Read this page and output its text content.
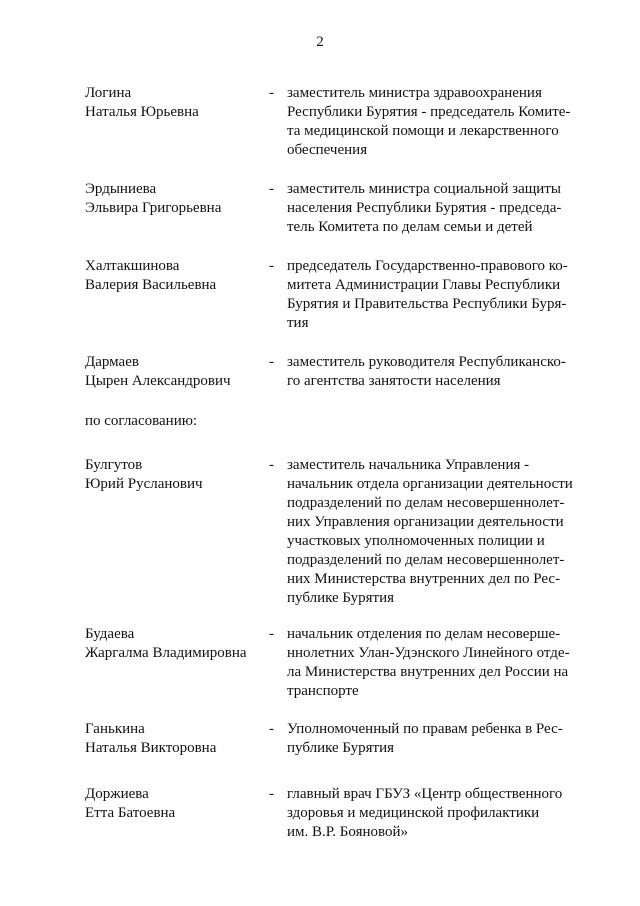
2
Логина
Наталья Юрьевна
- заместитель министра здравоохранения
Республики Бурятия - председатель Комите-
та медицинской помощи и лекарственного
обеспечения
Эрдыниева
Эльвира Григорьевна
- заместитель министра социальной защиты
населения Республики Бурятия - председа-
тель Комитета по делам семьи и детей
Халтакшинова
Валерия Васильевна
- председатель Государственно-правового ко-
митета Администрации Главы Республики
Бурятия и Правительства Республики Буря-
тия
Дармаев
Цырен Александрович
- заместитель руководителя Республиканско-
го агентства занятости населения
по согласованию:
Булгутов
Юрий Русланович
- заместитель начальника Управления -
начальник отдела организации деятельности
подразделений по делам несовершеннолет-
них Управления организации деятельности
участковых уполномоченных полиции и
подразделений по делам несовершеннолет-
них Министерства внутренних дел по Рес-
публике Бурятия
Будаева
Жаргалма Владимировна
- начальник отделения по делам несоверше-
ннолетних Улан-Удэнского Линейного отде-
ла Министерства внутренних дел России на
транспорте
Ганькина
Наталья Викторовна
- Уполномоченный по правам ребенка в Рес-
публике Бурятия
Доржиева
Етта Батоевна
- главный врач ГБУЗ «Центр общественного
здоровья и медицинской профилактики
им. В.Р. Бояновой»
